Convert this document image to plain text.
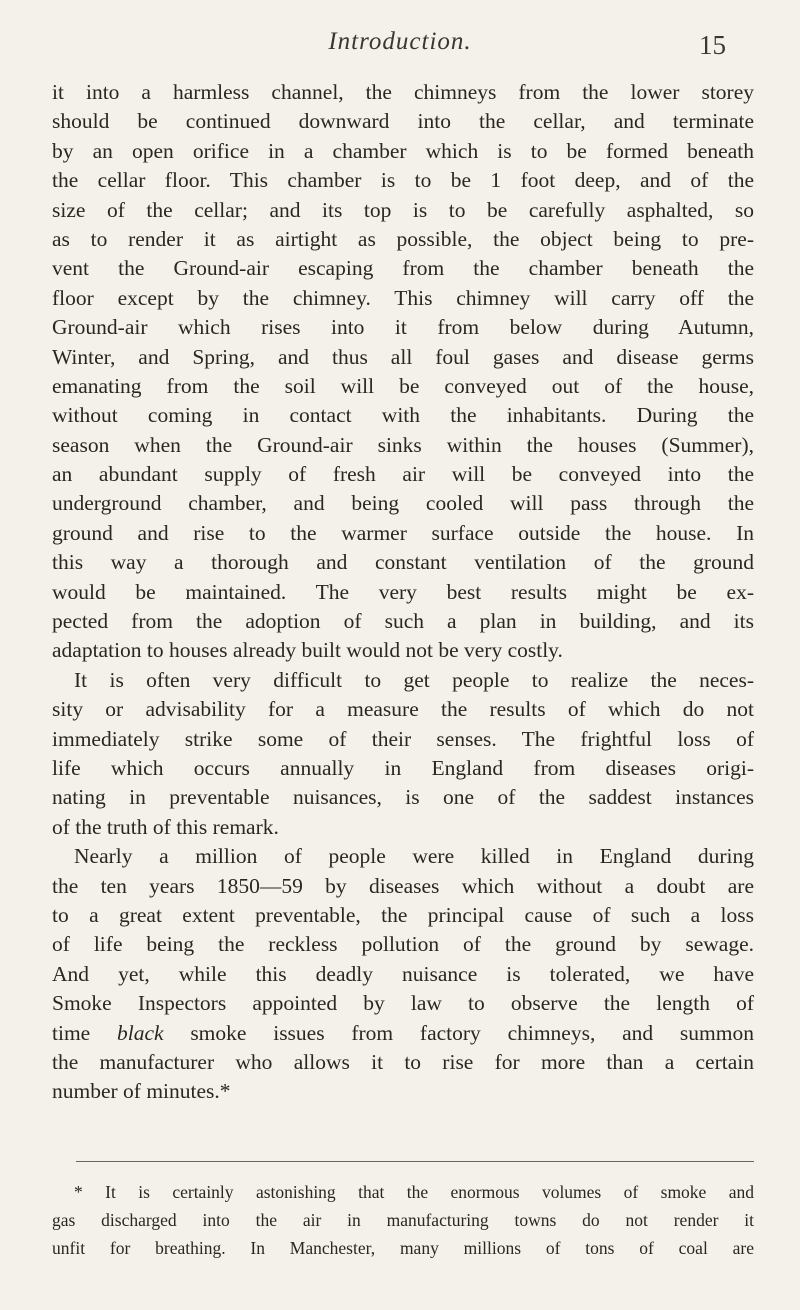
Introduction.	15
it into a harmless channel, the chimneys from the lower storey
should be continued downward into the cellar, and terminate
by an open orifice in a chamber which is to be formed beneath
the cellar floor. This chamber is to be 1 foot deep, and of the
size of the cellar; and its top is to be carefully asphalted, so
as to render it as airtight as possible, the object being to pre-
vent the Ground-air escaping from the chamber beneath the
floor except by the chimney. This chimney will carry off the
Ground-air which rises into it from below during Autumn,
Winter, and Spring, and thus all foul gases and disease germs
emanating from the soil will be conveyed out of the house,
without coming in contact with the inhabitants. During the
season when the Ground-air sinks within the houses (Summer),
an abundant supply of fresh air will be conveyed into the
underground chamber, and being cooled will pass through the
ground and rise to the warmer surface outside the house. In
this way a thorough and constant ventilation of the ground
would be maintained. The very best results might be ex-
pected from the adoption of such a plan in building, and its
adaptation to houses already built would not be very costly.
It is often very difficult to get people to realize the neces-
sity or advisability for a measure the results of which do not
immediately strike some of their senses. The frightful loss of
life which occurs annually in England from diseases origi-
nating in preventable nuisances, is one of the saddest instances
of the truth of this remark.
Nearly a million of people were killed in England during
the ten years 1850—59 by diseases which without a doubt are
to a great extent preventable, the principal cause of such a loss
of life being the reckless pollution of the ground by sewage.
And yet, while this deadly nuisance is tolerated, we have
Smoke Inspectors appointed by law to observe the length of
time black smoke issues from factory chimneys, and summon
the manufacturer who allows it to rise for more than a certain
number of minutes.*
* It is certainly astonishing that the enormous volumes of smoke and
gas discharged into the air in manufacturing towns do not render it
unfit for breathing. In Manchester, many millions of tons of coal are
